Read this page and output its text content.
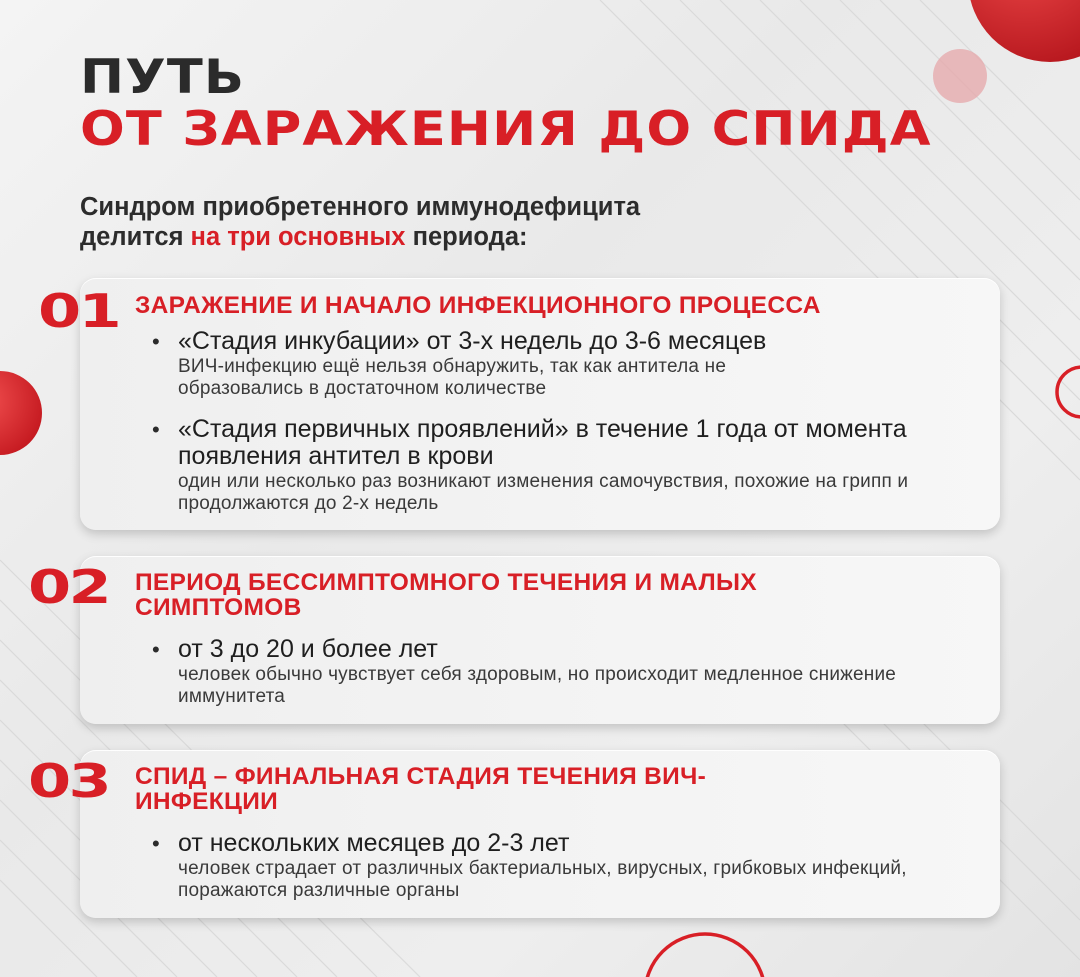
ПУТЬ
ОТ ЗАРАЖЕНИЯ ДО СПИДА
Синдром приобретенного иммунодефицита
делится на три основных периода:
01 ЗАРАЖЕНИЕ И НАЧАЛО ИНФЕКЦИОННОГО ПРОЦЕССА
• «Стадия инкубации» от 3-х недель до 3-6 месяцев
ВИЧ-инфекцию ещё нельзя обнаружить, так как антитела не образовались в достаточном количестве
• «Стадия первичных проявлений» в течение 1 года от момента появления антител в крови
один или несколько раз возникают изменения самочувствия, похожие на грипп и продолжаются до 2-х недель
02 ПЕРИОД БЕССИМПТОМНОГО ТЕЧЕНИЯ И МАЛЫХ СИМПТОМОВ
• от 3 до 20 и более лет
человек обычно чувствует себя здоровым, но происходит медленное снижение иммунитета
03 СПИД – ФИНАЛЬНАЯ СТАДИЯ ТЕЧЕНИЯ ВИЧ-ИНФЕКЦИИ
• от нескольких месяцев до 2-3 лет
человек страдает от различных бактериальных, вирусных, грибковых инфекций, поражаются различные органы
